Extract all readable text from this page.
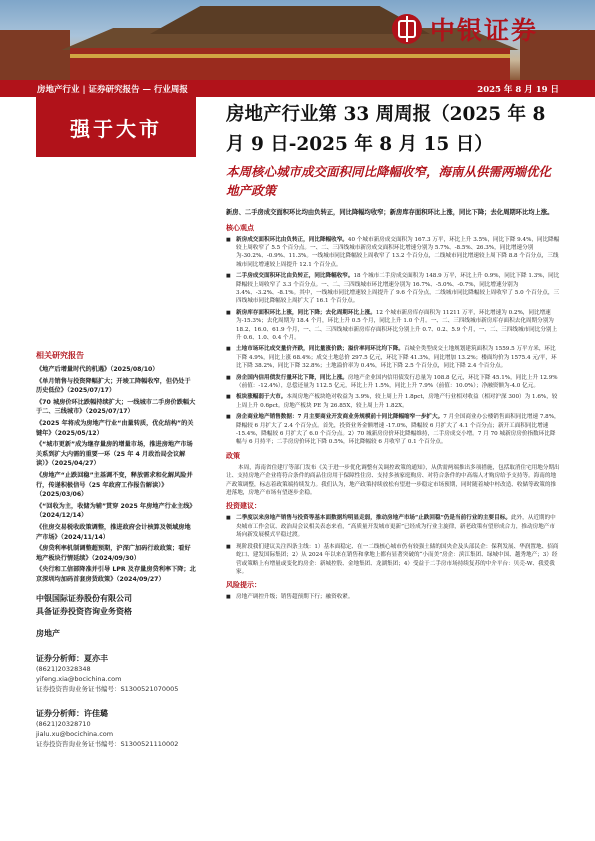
中银证券
房地产行业 | 证券研究报告 — 行业周报	2025 年 8 月 19 日
强于大市
相关研究报告
《地产后增量时代的机遇》（2025/08/10）
《单月销售与投资降幅扩大；开竣工降幅收窄，但仍处于历史低位》（2025/07/17）
《70 城房价环比跌幅持续扩大；一线城市二手房价跌幅大于二、三线城市》（2025/07/17）
《2025 年将成为房地产行业“由量转质，优化结构”的关键年》（2025/05/12）
《“城市更新”成为继存量房的增量市场，推进房地产市场关系到扩大内需的重要一环（25 年 4 月政治局会议解读）》（2025/04/27）
《房地产“止跌回稳”主基调不变，释放需求和化解风险并行，传递积极信号（25 年政府工作报告解读）》（2025/03/06）
《“回收为主，收储为辅”贯穿 2025 年房地产行业主线》（2024/12/14）
《住房交易税收政策调整，推进政府会计核算及领域房地产市场》（2024/11/14）
《房贷利率机制调整超预期，沪深广加码行政政策；看好地产板块行情延续》（2024/09/30）
《央行和工信部降准并引导 LPR 及存量房贷利率下降；北京深圳均加码首套房货政策》（2024/09/27）
中银国际证券股份有限公司
具备证券投资咨询业务资格
房地产
证券分析师：夏亦丰
(8621)20328348
yifeng.xia@bocichina.com
证券投资咨询业务证书编号：S1300521070005
证券分析师：许佳璐
(8621)20328710
jialu.xu@bocichina.com
证券投资咨询业务证书编号：S1300521110002
房地产行业第 33 周周报（2025 年 8 月 9 日-2025 年 8 月 15 日）
本周核心城市成交面积同比降幅收窄，海南从供需两端优化地产政策
新房、二手房成交面积环比均由负转正，同比降幅均收窄；新房库存面积环比上涨，同比下降；去化周期环比均上涨。
核心观点
■ 新房成交面积环比由负转正，同比降幅收窄。40 个城市新房成交面积为 167.3 万平，环比上升 3.5%，同比下降 9.4%，同比降幅较上周收窄了 5.5 个百分点。一、二、三四线城市新房成交面积环比增速分别为 5.7%、-8.5%、26.3%，同比增速分别为-30.2%、-0.9%、11.3%。一线城市同比降幅较上周收窄了 13.2 个百分点，二线城市同比增速较上周下降 8.8 个百分点，三线城市同比增速较上周提升 12.1 个百分点。
■ 二手房成交面积环比由负转正，同比降幅收窄。18 个城市二手房成交面积为 148.9 万平，环比上升 0.9%，同比下降 1.3%，同比降幅较上周收窄了 3.3 个百分点。一、二、三四线城市环比增速分别为 16.7%、-5.0%、-0.7%，同比增速分别为 3.4%、-3.2%、-8.1%。其中，一线城市同比增速较上周提升了 9.6 个百分点，二线城市同比降幅较上周收窄了 5.0 个百分点，三四线城市同比降幅较上周扩大了 16.1 个百分点。
■ 新房库存面积环比上涨，同比下降；去化周期环比上涨。12 个城市新房库存面积为 11211 万平，环比增速为 0.2%，同比增速为-15.3%；去化周期为 18.4 个月，环比上升 0.5 个月，同比上升 1.0 个月。一、二、三四线城市新房库存面积去化周期分别为 18.2、16.0、61.9 个月，一、二、三四线城市新房库存面积环比分别上升 0.7、0.2、5.9 个月，一、二、三四线城市同比分别上升 0.6、1.0、0.4 个月。
■ 土地市场环比成交量价齐跌，同比量涨价跌；溢价率同环比均下降。百城全类型成交土地规划建筑面积为 1559.5 万平方米，环比下降 4.9%，同比上涨 68.4%；成交土地总价 297.5 亿元，环比下降 41.3%，同比增加 13.2%；楼面均价为 1575.4 元/平，环比下降 38.2%，同比下降 32.8%；土地溢价率为 0.4%，环比下降 2.5 个百分点，同比下降 2.4 个百分点。
■ 房企国内信用债发行量环比下降，同比上涨。房地产企业国内信用债发行总量为 108.8 亿元，环比下降 45.1%，同比上升 12.9%（前值：-12.4%），总偿还量为 112.5 亿元，环比上升 1.5%，同比上升 7.9%（前值：10.0%）；净融资额为-4.0 亿元。
■ 板块涨幅弱于大市。本周房地产板块绝对收益为 3.9%，较上周上升 1.8pct，房地产行业相对收益（相对沪深 300）为 1.6%，较上周上升 0.6pct。房地产板块 PE 为 26.85X，较上周上升 1.82X。
■ 房企商业地产销售数据：7 月主要商业开发商业务规模前十同比降幅缩窄一步扩大。7 月全国商业办公楼销售面积同比增速 7.8%，降幅较 6 月扩大了 2.4 个百分点。首先，投资业务金额增速 -17.0%，降幅较 6 月扩大了 4.1 个百分点；新开工面积同比增速 -15.4%，降幅较 6 月扩大了 6.0 个百分点。2）70 城新房房价环比降幅维持，二手房成交小增。7 月 70 城新房房价指数环比降幅与 6 月持平；二手房房价环比下降 0.5%，环比降幅较 6 月收窄了 0.1 个百分点。
政策
本周，海南省住建厅等部门发布《关于进一步优化调整有关调控政策的通知》，从供需两端推出多项措施，包括取消住宅用地分期出让、支持房地产企业将符合条件的商品住房用于保障性住房、支持多孩家庭购房、对符合条件的中高端人才购房给予支持等。海南的地产政策调整，标志着政策端持续发力。我们认为，地产政策持续放松有望进一步稳定市场预期，同时随着城中村改造、收储等政策的推进落地，房地产市场有望逐步企稳。
投资建议：
■ 二季度以来房地产销售与投资等基本面数据均明显走弱，推动房地产市场“止跌回稳”仍是当前行业的主要目标。此外，从近期的中央城市工作会议、政治局会议相关表态来看，“高质量开发城市更新”已经成为行业主旋律，新老政策有望形成合力，推动房地产市场向新发展模式平稳过渡。
■ 现阶段我们建议关注四条主线：1）基本面稳定、在一二线核心城市仍有较强土储的国央企及头部民企：保利发展、华润置地、招商蛇口、建发国际集团；2）从 2024 年以来在销售和拿地上都有显著突破的“小而美”房企：滨江集团、绿城中国、越秀地产；3）经营或策略上有增量或变化的房企：新城控股、金地集团、龙湖集团；4）受益于二手房市场持续复苏的中介平台：贝壳-W、我爱我家。
风险提示：
■ 房地产调控升级；销售超预期下行；融资收紧。
